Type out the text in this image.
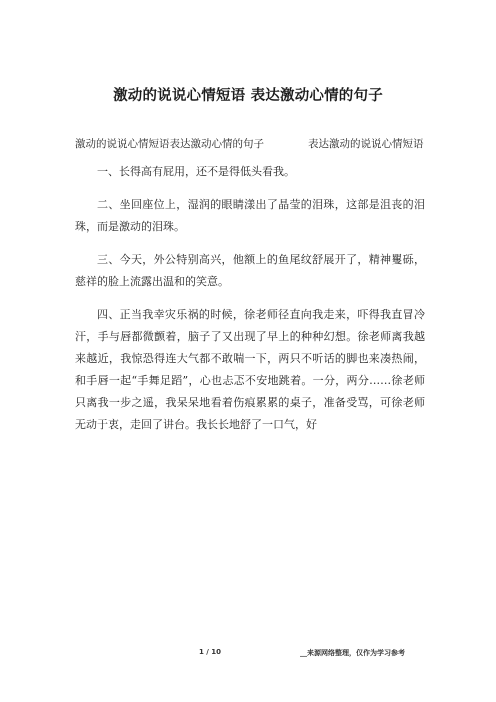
激动的说说心情短语 表达激动心情的句子

激动的说说心情短语表达激动心情的句子	表达激动的说说心情短语

一、长得高有屁用，还不是得低头看我。

二、坐回座位上，湿润的眼睛漾出了晶莹的泪珠，这部是沮丧的泪珠，而是激动的泪珠。

三、今天，外公特别高兴，他额上的鱼尾纹舒展开了，精神矍砾，慈祥的脸上流露出温和的笑意。

四、正当我幸灾乐祸的时候，徐老师径直向我走来，吓得我直冒冷汗，手与唇都微颤着，脑子了又出现了早上的种种幻想。徐老师离我越来越近，我惊恐得连大气都不敢喘一下，两只不听话的脚也来凑热闹，和手唇一起“手舞足蹈”，心也忐忑不安地跳着。一分，两分……徐老师只离我一步之遥，我呆呆地看着伤痕累累的桌子，准备受骂，可徐老师无动于衷，走回了讲台。我长长地舒了一口气，好

1 / 10	__来源网络整理，仅作为学习参考
